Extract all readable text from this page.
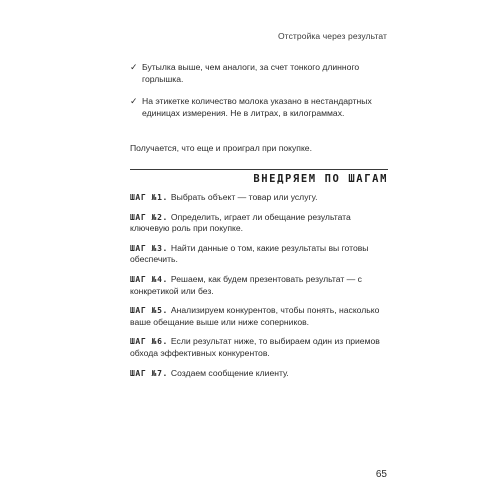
Отстройка через результат
✓ Бутылка выше, чем аналоги, за счет тонкого длинного горлышка.
✓ На этикетке количество молока указано в нестандартных единицах измерения. Не в литрах, в килограммах.
Получается, что еще и проиграл при покупке.
ВНЕДРЯЕМ ПО ШАГАМ
ШАГ №1. Выбрать объект — товар или услугу.
ШАГ №2. Определить, играет ли обещание результата ключевую роль при покупке.
ШАГ №3. Найти данные о том, какие результаты вы готовы обеспечить.
ШАГ №4. Решаем, как будем презентовать результат — с конкретикой или без.
ШАГ №5. Анализируем конкурентов, чтобы понять, насколько ваше обещание выше или ниже соперников.
ШАГ №6. Если результат ниже, то выбираем один из приемов обхода эффективных конкурентов.
ШАГ №7. Создаем сообщение клиенту.
65
